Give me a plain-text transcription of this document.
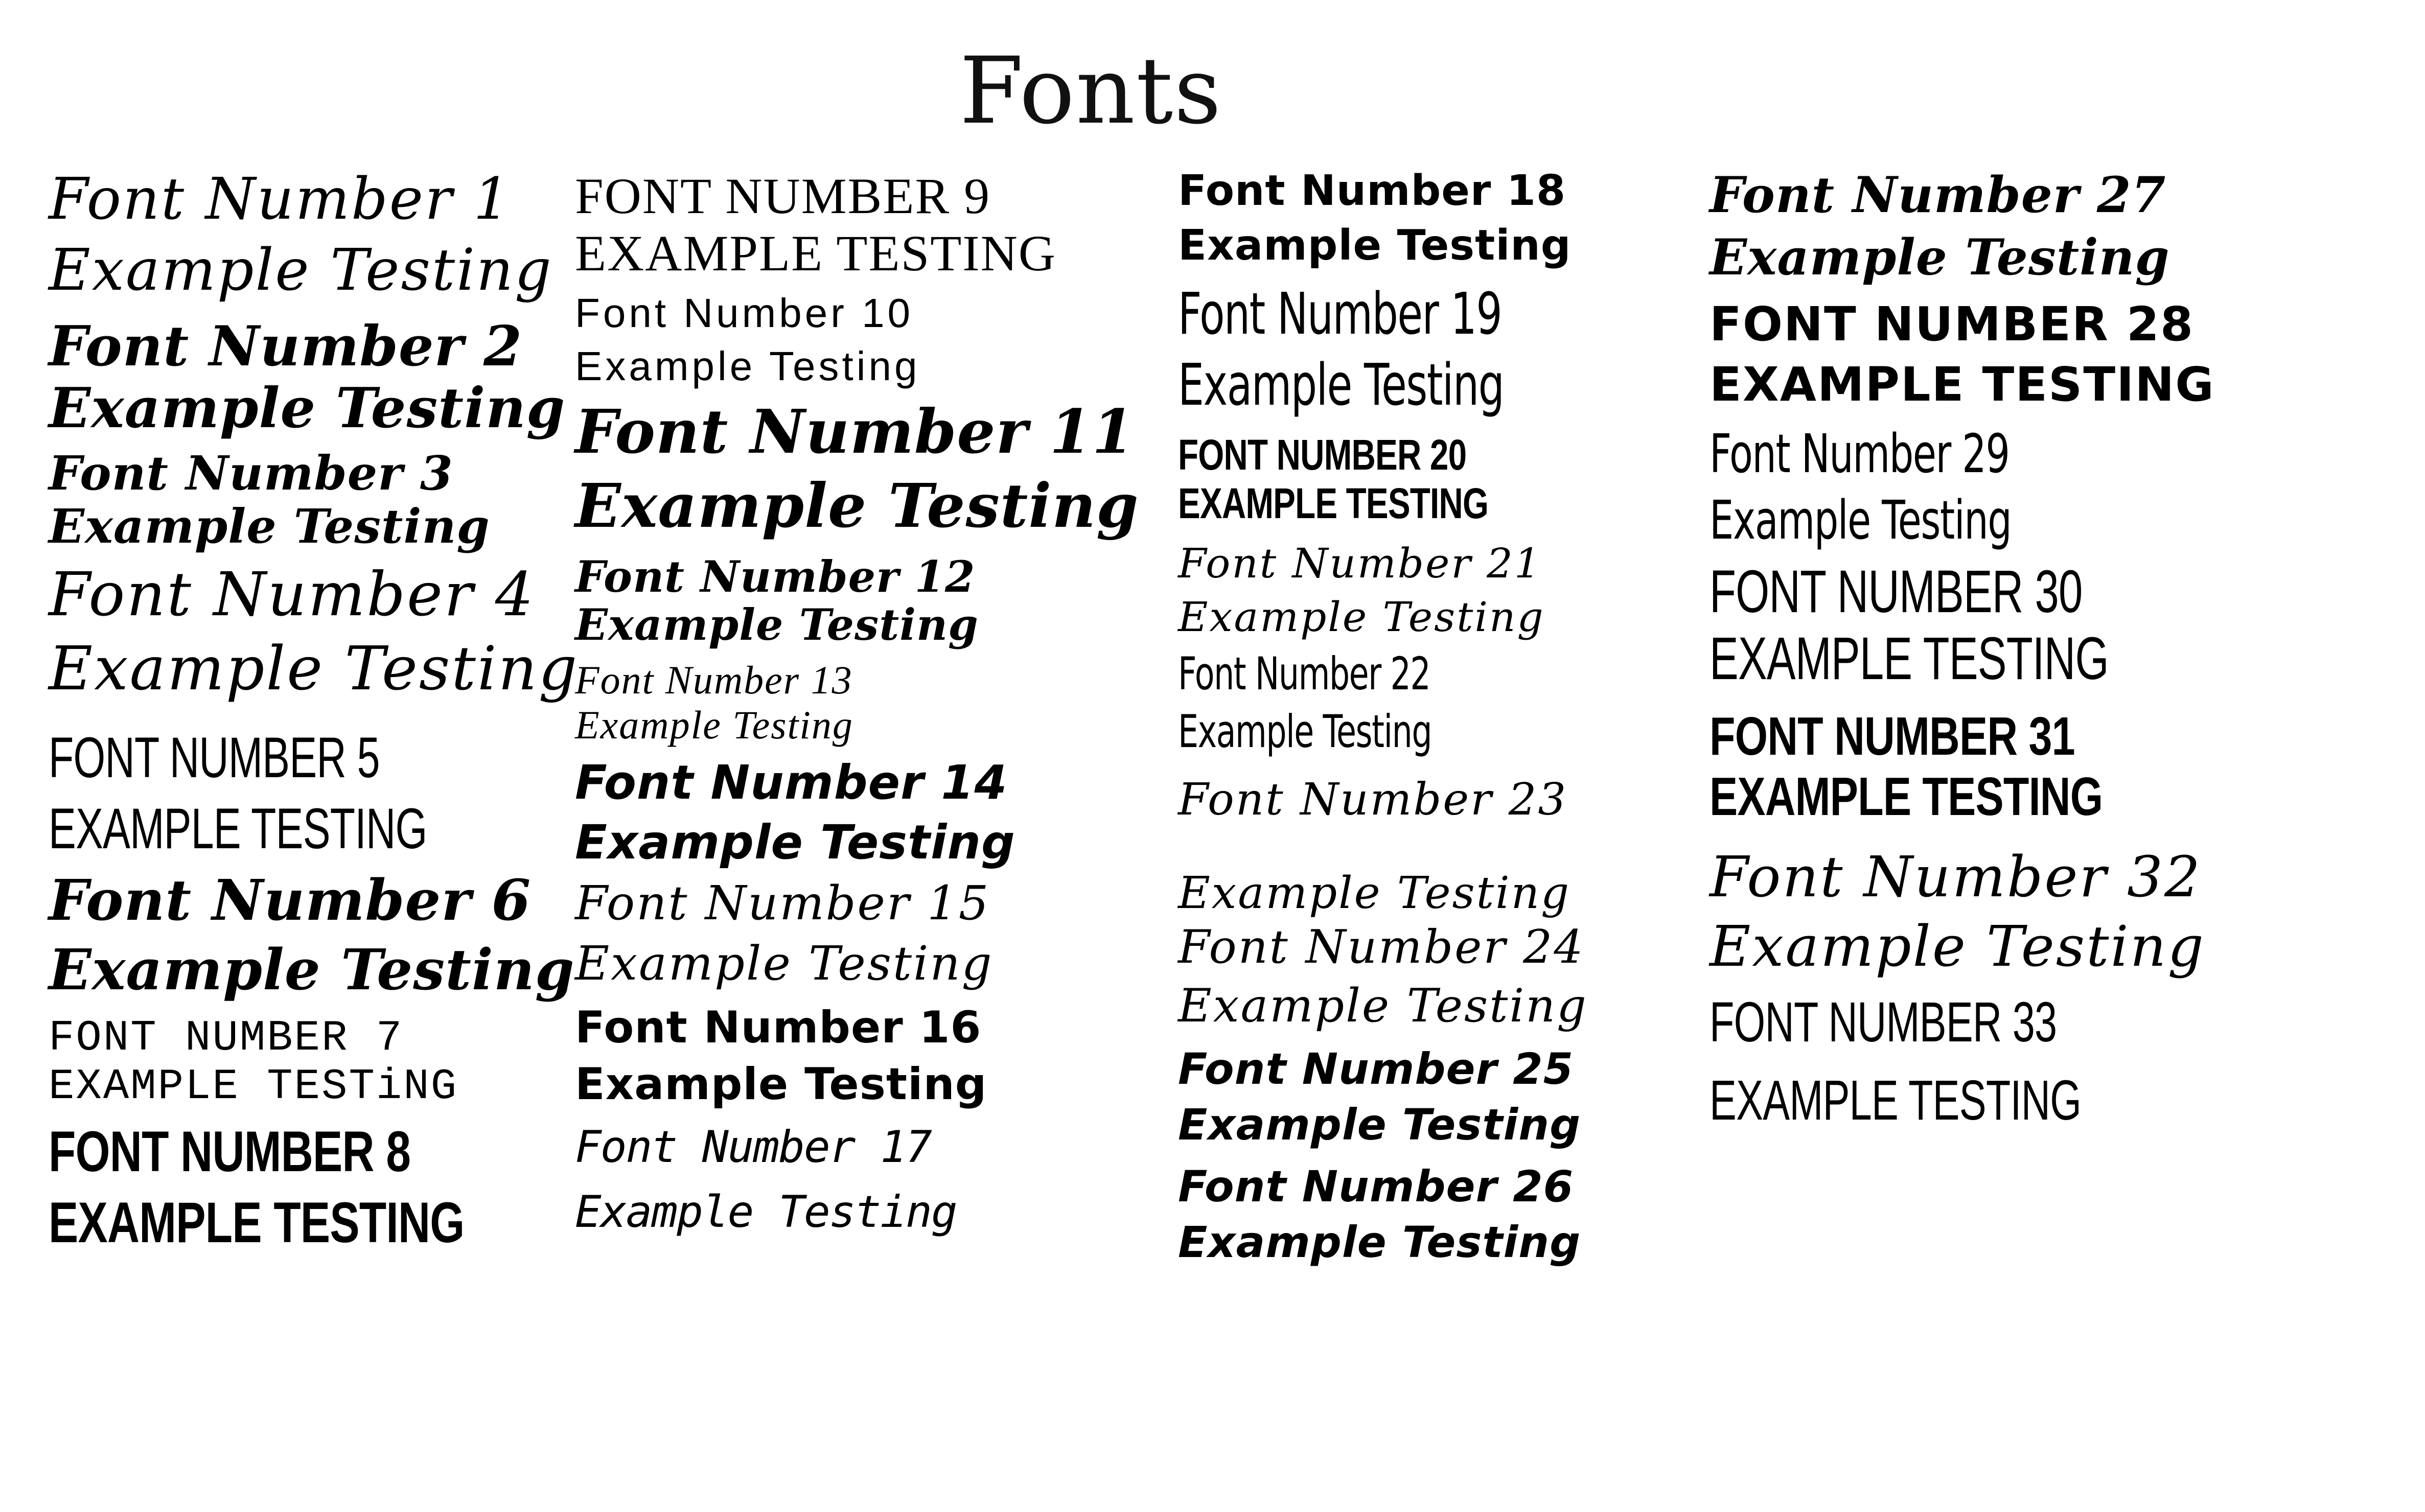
Fonts
Font Number 1
Example Testing
Font Number 2
Example Testing
Font Number 3
Example Testing
Font Number 4
Example Testing
FONT NUMBER 5
EXAMPLE TESTING
Font Number 6
Example Testing
FONT NUMBER 7
EXAMPLE TESTiNG
FONT NUMBER 8
EXAMPLE TESTING
FONT NUMBER 9
EXAMPLE TESTING
Font Number 10
Example Testing
Font Number 11
Example Testing
Font Number 12
Example Testing
Font Number 13
Example Testing
Font Number 14
Example Testing
Font Number 15
Example Testing
Font Number 16
Example Testing
Font Number 17
Example Testing
Font Number 18
Example Testing
Font Number 19
Example Testing
FONT NUMBER 20
EXAMPLE TESTING
Font Number 21
Example Testing
Font Number 22
Example Testing
Font Number 23
Example Testing
Font Number 24
Example Testing
Font Number 25
Example Testing
Font Number 26
Example Testing
Font Number 27
Example Testing
FONT NUMBER 28
EXAMPLE TESTING
Font Number 29
Example Testing
FONT NUMBER 30
EXAMPLE TESTING
FONT NUMBER 31
EXAMPLE TESTING
Font Number 32
Example Testing
FONT NUMBER 33
EXAMPLE TESTING
